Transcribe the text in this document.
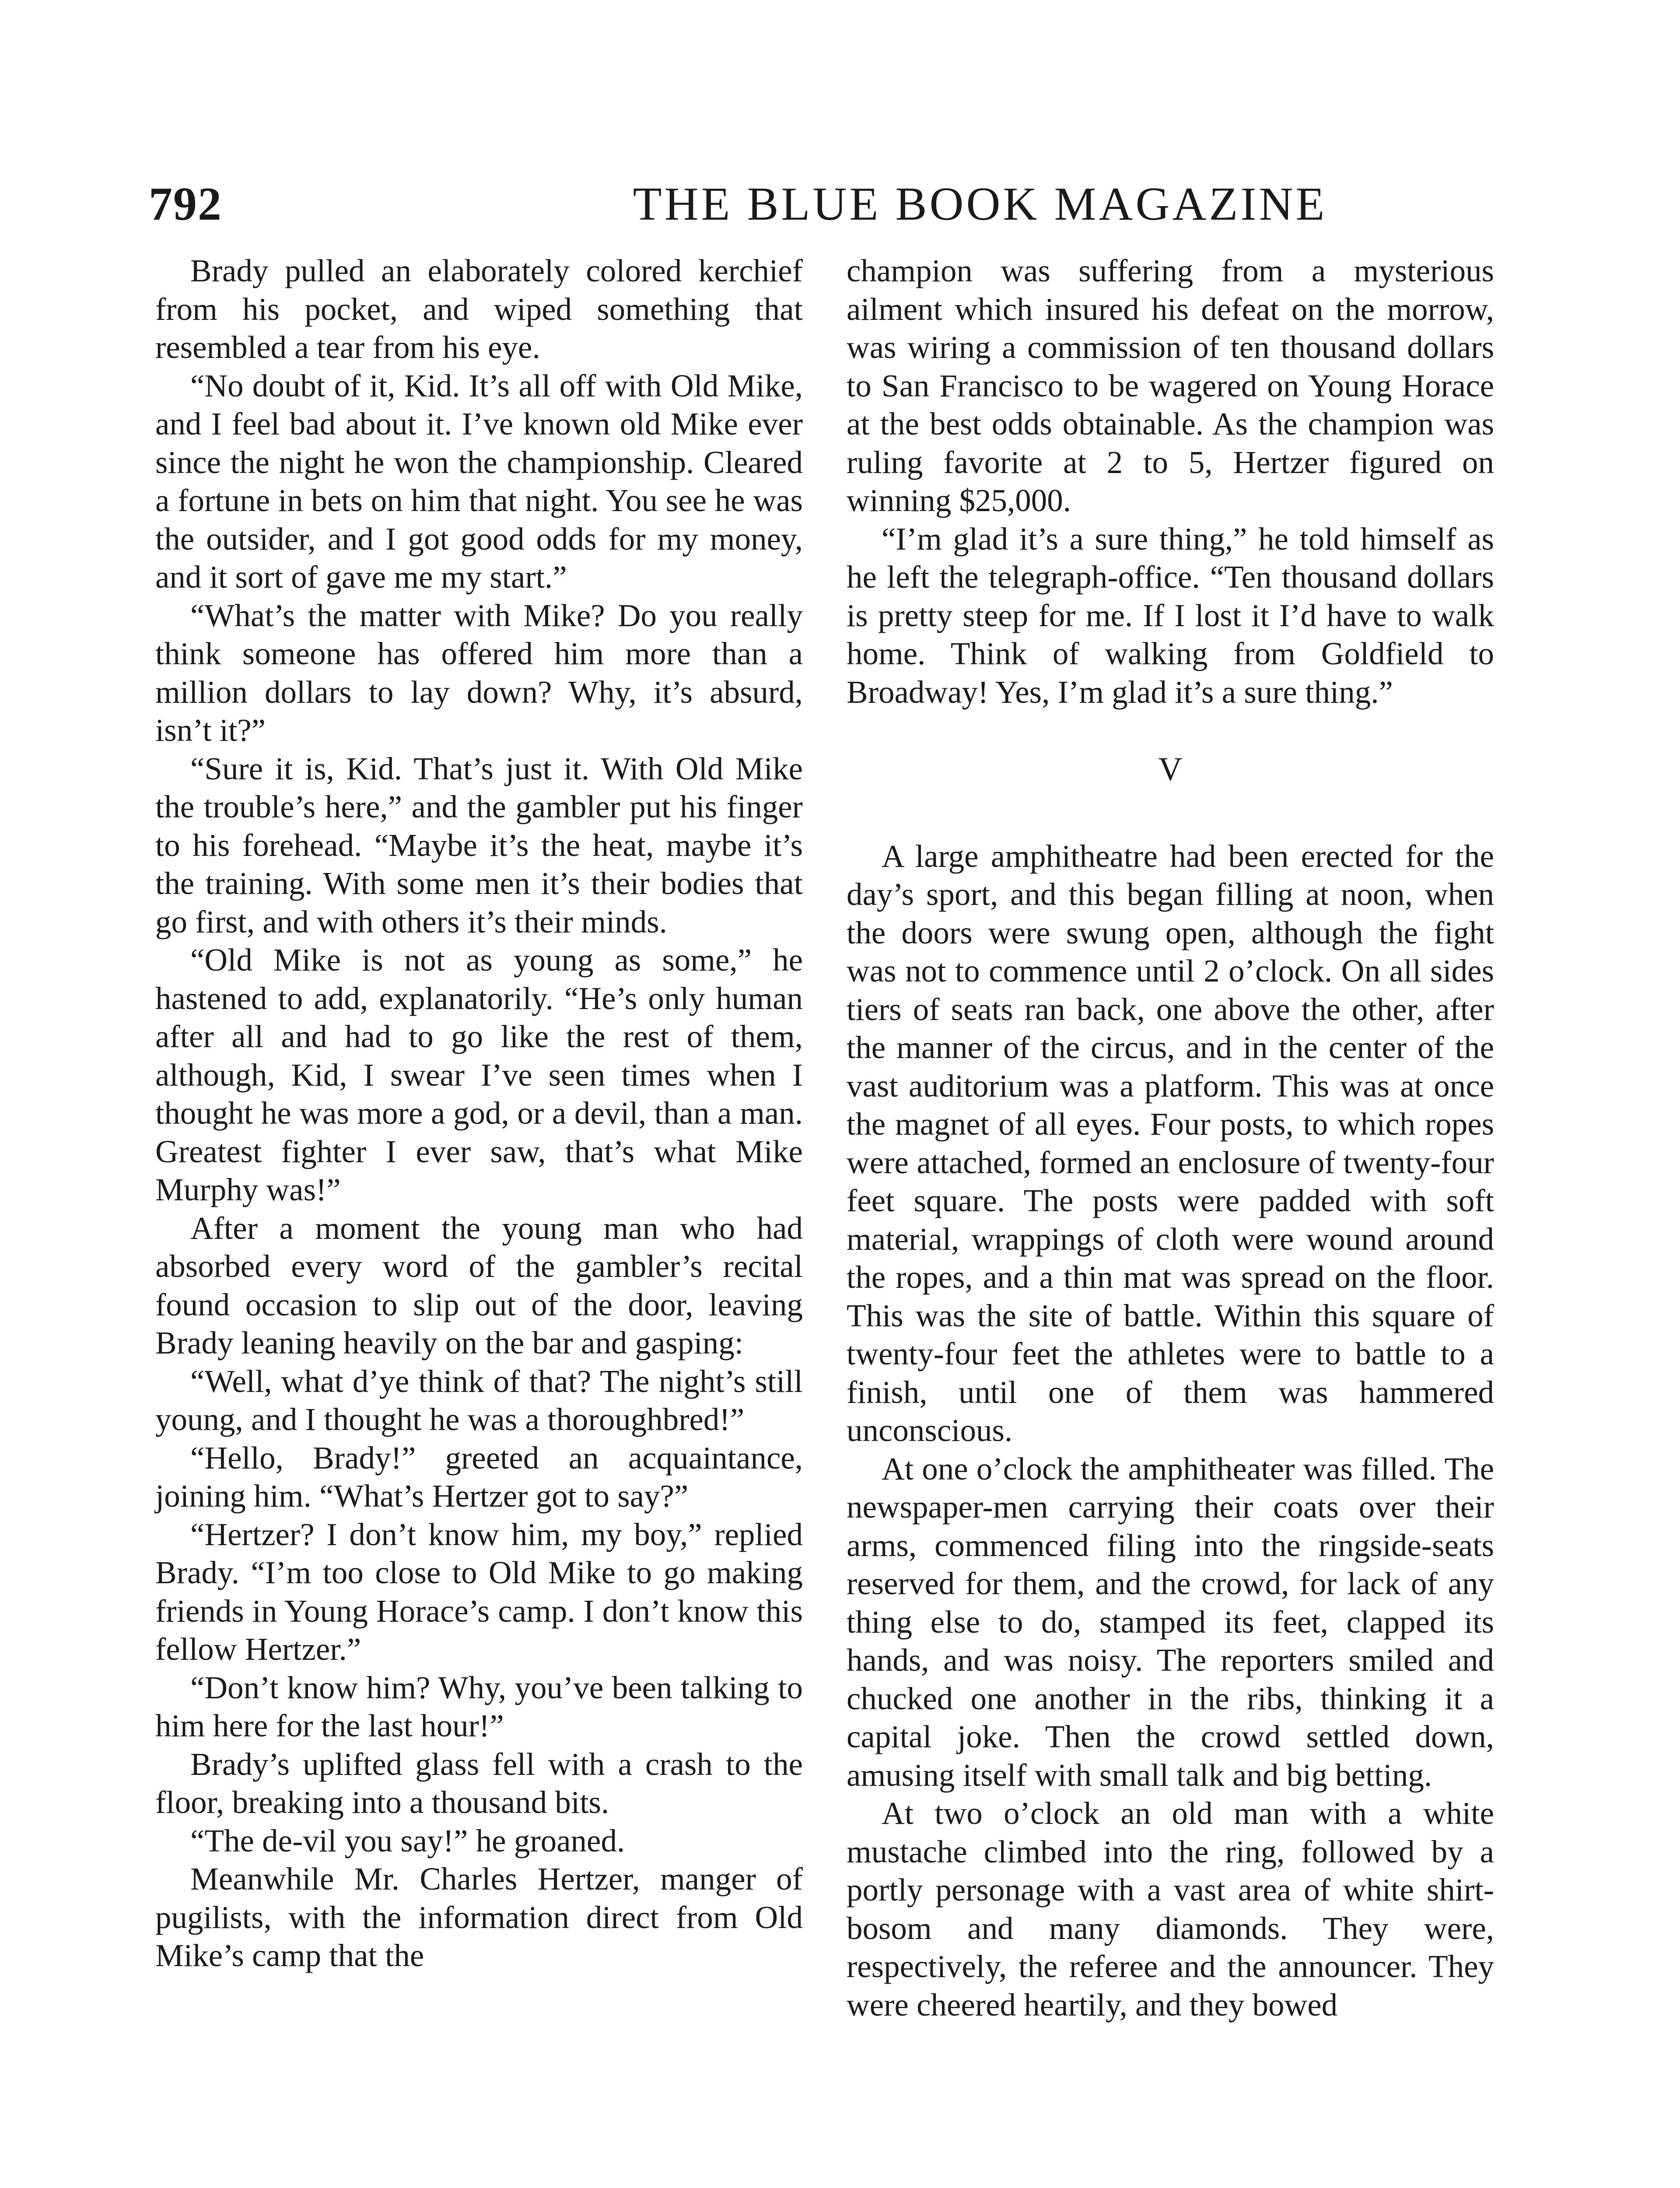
792	THE BLUE BOOK MAGAZINE

Brady pulled an elaborately colored kerchief from his pocket, and wiped something that resembled a tear from his eye.

“No doubt of it, Kid. It’s all off with Old Mike, and I feel bad about it. I’ve known old Mike ever since the night he won the championship. Cleared a fortune in bets on him that night. You see he was the outsider, and I got good odds for my money, and it sort of gave me my start.”

“What’s the matter with Mike? Do you really think someone has offered him more than a million dollars to lay down? Why, it’s absurd, isn’t it?”

“Sure it is, Kid. That’s just it. With Old Mike the trouble’s here,” and the gambler put his finger to his forehead. “Maybe it’s the heat, maybe it’s the training. With some men it’s their bodies that go first, and with others it’s their minds.

“Old Mike is not as young as some,” he hastened to add, explanatorily. “He’s only human after all and had to go like the rest of them, although, Kid, I swear I’ve seen times when I thought he was more a god, or a devil, than a man. Greatest fighter I ever saw, that’s what Mike Murphy was!”

After a moment the young man who had absorbed every word of the gambler’s recital found occasion to slip out of the door, leaving Brady leaning heavily on the bar and gasping:

“Well, what d’ye think of that? The night’s still young, and I thought he was a thoroughbred!”

“Hello, Brady!” greeted an acquaintance, joining him. “What’s Hertzer got to say?”

“Hertzer? I don’t know him, my boy,” replied Brady. “I’m too close to Old Mike to go making friends in Young Horace’s camp. I don’t know this fellow Hertzer.”

“Don’t know him? Why, you’ve been talking to him here for the last hour!”

Brady’s uplifted glass fell with a crash to the floor, breaking into a thousand bits.

“The de-vil you say!” he groaned.

Meanwhile Mr. Charles Hertzer, manger of pugilists, with the information direct from Old Mike’s camp that the

champion was suffering from a mysterious ailment which insured his defeat on the morrow, was wiring a commission of ten thousand dollars to San Francisco to be wagered on Young Horace at the best odds obtainable. As the champion was ruling favorite at 2 to 5, Hertzer figured on winning $25,000.

“I’m glad it’s a sure thing,” he told himself as he left the telegraph-office. “Ten thousand dollars is pretty steep for me. If I lost it I’d have to walk home. Think of walking from Goldfield to Broadway! Yes, I’m glad it’s a sure thing.”

V

A large amphitheatre had been erected for the day’s sport, and this began filling at noon, when the doors were swung open, although the fight was not to commence until 2 o’clock. On all sides tiers of seats ran back, one above the other, after the manner of the circus, and in the center of the vast auditorium was a platform. This was at once the magnet of all eyes. Four posts, to which ropes were attached, formed an enclosure of twenty-four feet square. The posts were padded with soft material, wrappings of cloth were wound around the ropes, and a thin mat was spread on the floor. This was the site of battle. Within this square of twenty-four feet the athletes were to battle to a finish, until one of them was hammered unconscious.

At one o’clock the amphitheater was filled. The newspaper-men carrying their coats over their arms, commenced filing into the ringside-seats reserved for them, and the crowd, for lack of any thing else to do, stamped its feet, clapped its hands, and was noisy. The reporters smiled and chucked one another in the ribs, thinking it a capital joke. Then the crowd settled down, amusing itself with small talk and big betting.

At two o’clock an old man with a white mustache climbed into the ring, followed by a portly personage with a vast area of white shirt-bosom and many diamonds. They were, respectively, the referee and the announcer. They were cheered heartily, and they bowed
